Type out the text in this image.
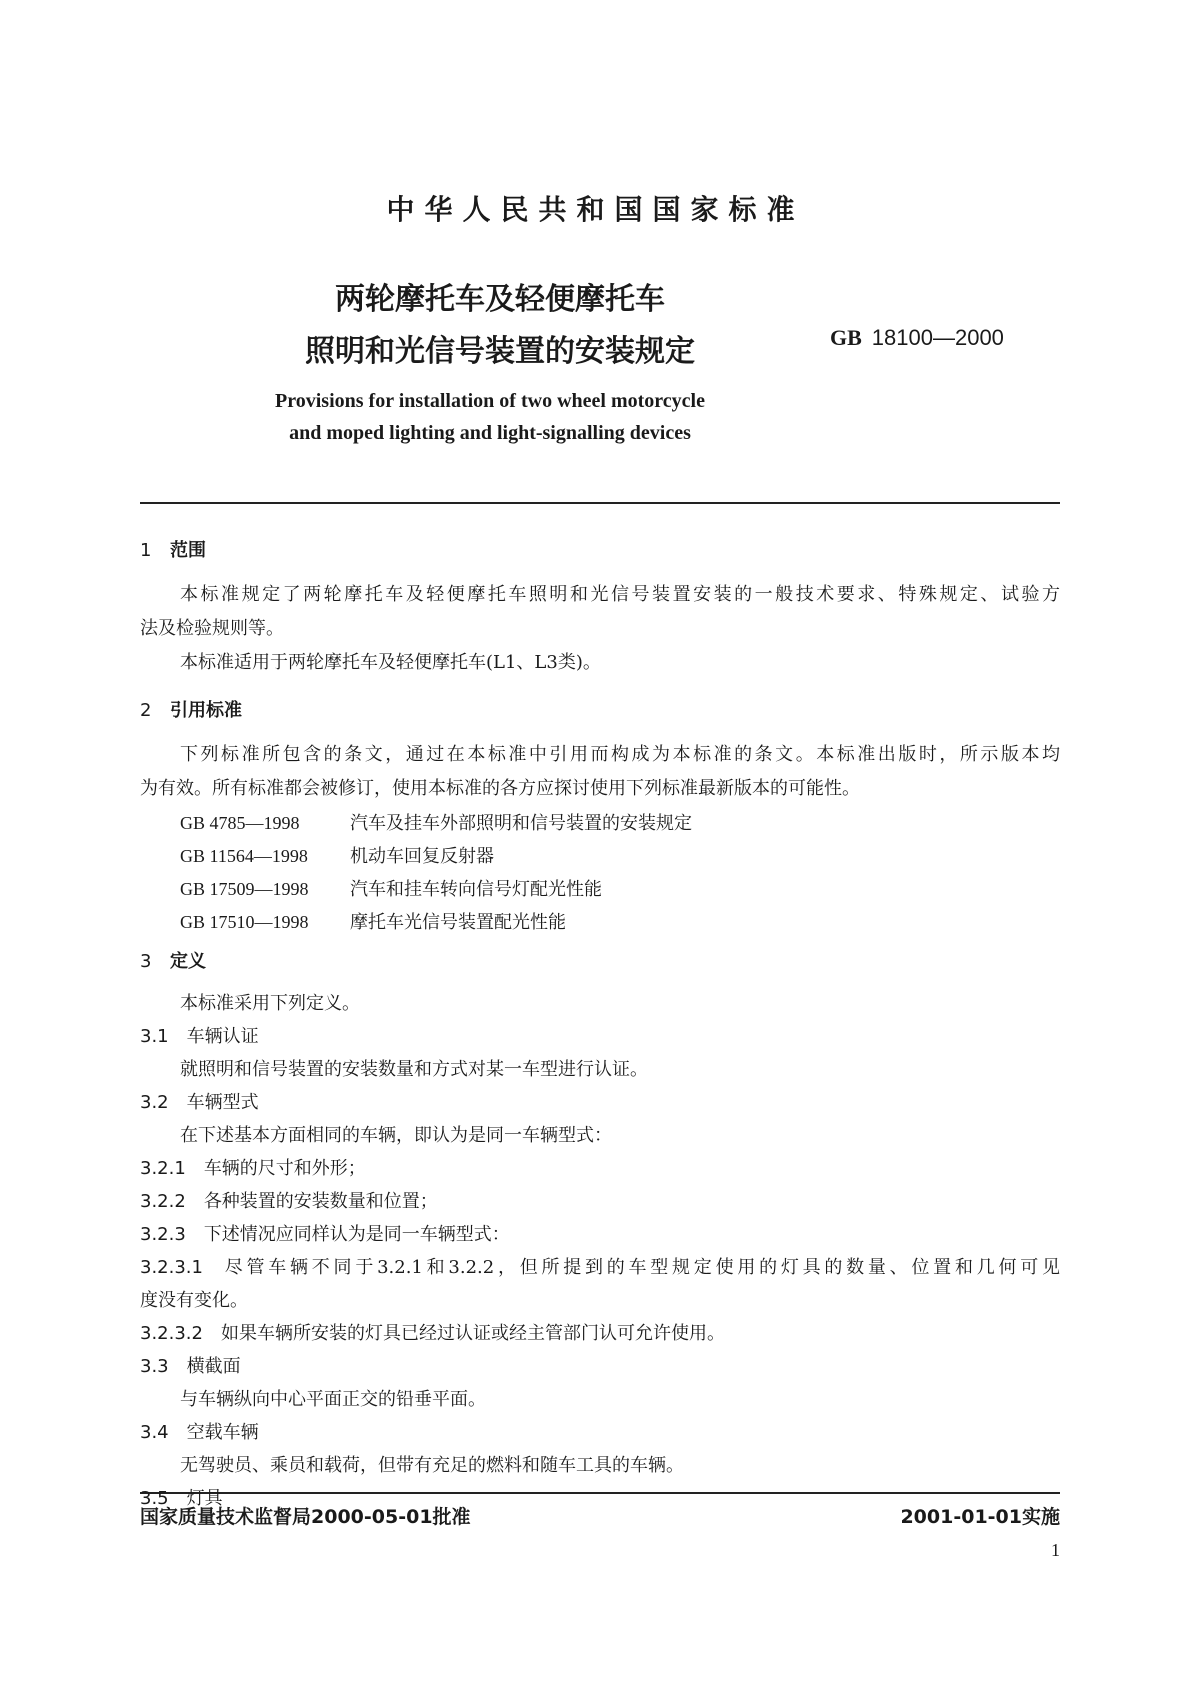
中华人民共和国国家标准
两轮摩托车及轻便摩托车
照明和光信号装置的安装规定	GB 18100—2000
Provisions for installation of two wheel motorcycle
and moped lighting and light-signalling devices
1 范围
本标准规定了两轮摩托车及轻便摩托车照明和光信号装置安装的一般技术要求、特殊规定、试验方
法及检验规则等。
本标准适用于两轮摩托车及轻便摩托车(L1、L3类)。
2 引用标准
下列标准所包含的条文，通过在本标准中引用而构成为本标准的条文。本标准出版时，所示版本均
为有效。所有标准都会被修订，使用本标准的各方应探讨使用下列标准最新版本的可能性。
GB 4785—1998	汽车及挂车外部照明和信号装置的安装规定
GB 11564—1998 机动车回复反射器
GB 17509—1998 汽车和挂车转向信号灯配光性能
GB 17510—1998 摩托车光信号装置配光性能
3 定义
本标准采用下列定义。
3.1 车辆认证
就照明和信号装置的安装数量和方式对某一车型进行认证。
3.2 车辆型式
在下述基本方面相同的车辆，即认为是同一车辆型式：
3.2.1 车辆的尺寸和外形；
3.2.2 各种装置的安装数量和位置；
3.2.3 下述情况应同样认为是同一车辆型式：
3.2.3.1 尽管车辆不同于3.2.1和3.2.2，但所提到的车型规定使用的灯具的数量、位置和几何可见
度没有变化。
3.2.3.2 如果车辆所安装的灯具已经过认证或经主管部门认可允许使用。
3.3 横截面
与车辆纵向中心平面正交的铅垂平面。
3.4 空载车辆
无驾驶员、乘员和载荷，但带有充足的燃料和随车工具的车辆。
国家质量技术监督局2000-05-01批准	2001-01-01实施
1
3.5 灯具
